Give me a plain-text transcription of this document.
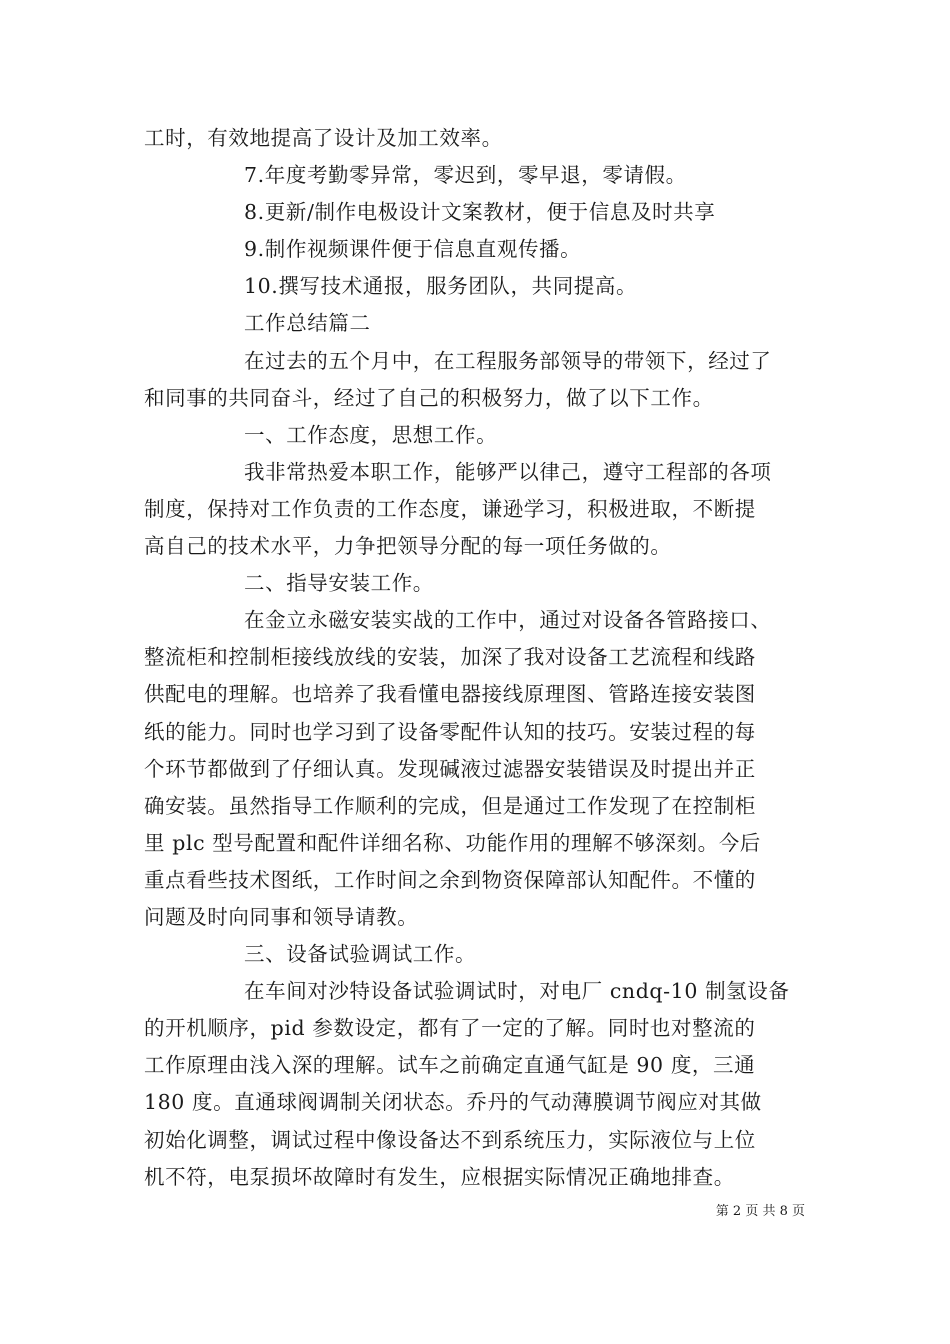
工时，有效地提高了设计及加工效率。
7.年度考勤零异常，零迟到，零早退，零请假。
8.更新/制作电极设计文案教材，便于信息及时共享
9.制作视频课件便于信息直观传播。
10.撰写技术通报，服务团队，共同提高。
工作总结篇二
在过去的五个月中，在工程服务部领导的带领下，经过了
和同事的共同奋斗，经过了自己的积极努力，做了以下工作。
一、工作态度，思想工作。
我非常热爱本职工作，能够严以律己，遵守工程部的各项
制度，保持对工作负责的工作态度，谦逊学习，积极进取，不断提
高自己的技术水平，力争把领导分配的每一项任务做的。
二、指导安装工作。
在金立永磁安装实战的工作中，通过对设备各管路接口、
整流柜和控制柜接线放线的安装，加深了我对设备工艺流程和线路
供配电的理解。也培养了我看懂电器接线原理图、管路连接安装图
纸的能力。同时也学习到了设备零配件认知的技巧。安装过程的每
个环节都做到了仔细认真。发现碱液过滤器安装错误及时提出并正
确安装。虽然指导工作顺利的完成，但是通过工作发现了在控制柜
里 plc 型号配置和配件详细名称、功能作用的理解不够深刻。今后
重点看些技术图纸，工作时间之余到物资保障部认知配件。不懂的
问题及时向同事和领导请教。
三、设备试验调试工作。
在车间对沙特设备试验调试时，对电厂 cndq-10 制氢设备
的开机顺序，pid 参数设定，都有了一定的了解。同时也对整流的
工作原理由浅入深的理解。试车之前确定直通气缸是 90 度，三通
180 度。直通球阀调制关闭状态。乔丹的气动薄膜调节阀应对其做
初始化调整，调试过程中像设备达不到系统压力，实际液位与上位
机不符，电泵损坏故障时有发生，应根据实际情况正确地排查。
第 2 页 共 8 页
